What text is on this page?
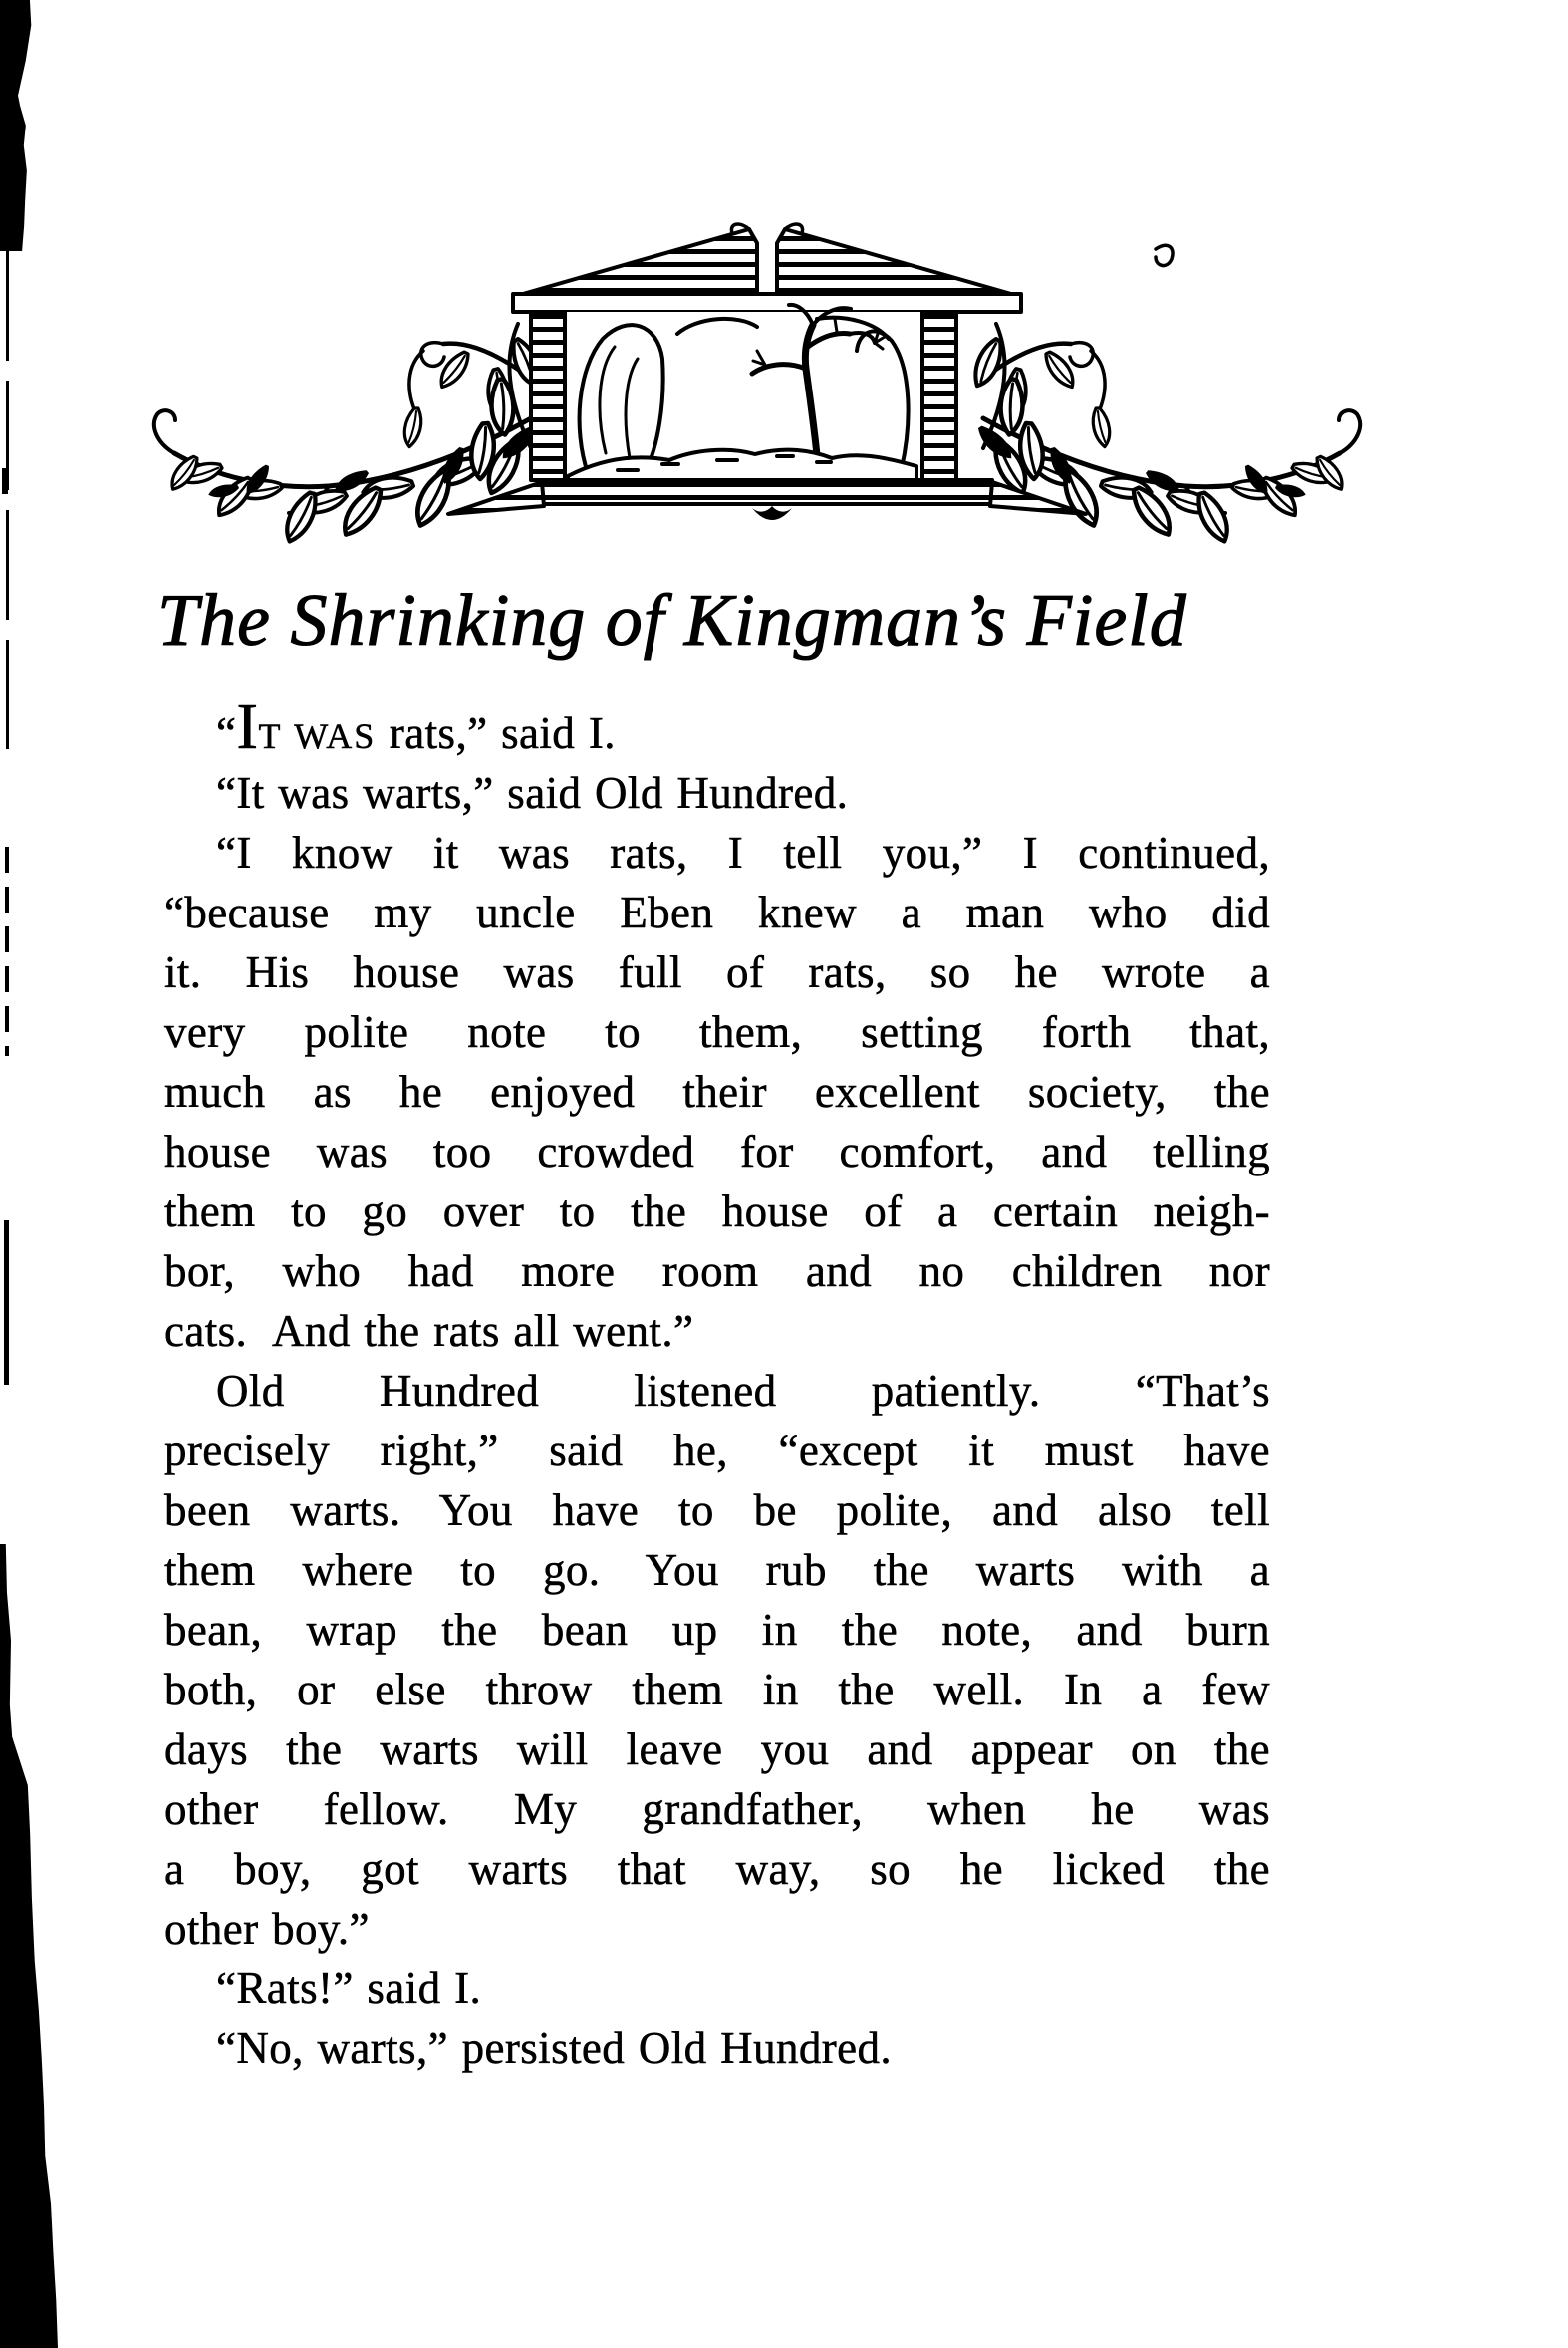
The Shrinking of Kingman’s Field
“IT WAS rats,” said I.
“It was warts,” said Old Hundred.
“I know it was rats, I tell you,” I continued,
“because my uncle Eben knew a man who did
it. His house was full of rats, so he wrote a
very polite note to them, setting forth that,
much as he enjoyed their excellent society, the
house was too crowded for comfort, and telling
them to go over to the house of a certain neigh-
bor, who had more room and no children nor
cats.  And the rats all went.”
Old Hundred listened patiently. “That’s
precisely right,” said he, “except it must have
been warts. You have to be polite, and also tell
them where to go. You rub the warts with a
bean, wrap the bean up in the note, and burn
both, or else throw them in the well. In a few
days the warts will leave you and appear on the
other fellow. My grandfather, when he was
a boy, got warts that way, so he licked the
other boy.”
“Rats!” said I.
“No, warts,” persisted Old Hundred.
